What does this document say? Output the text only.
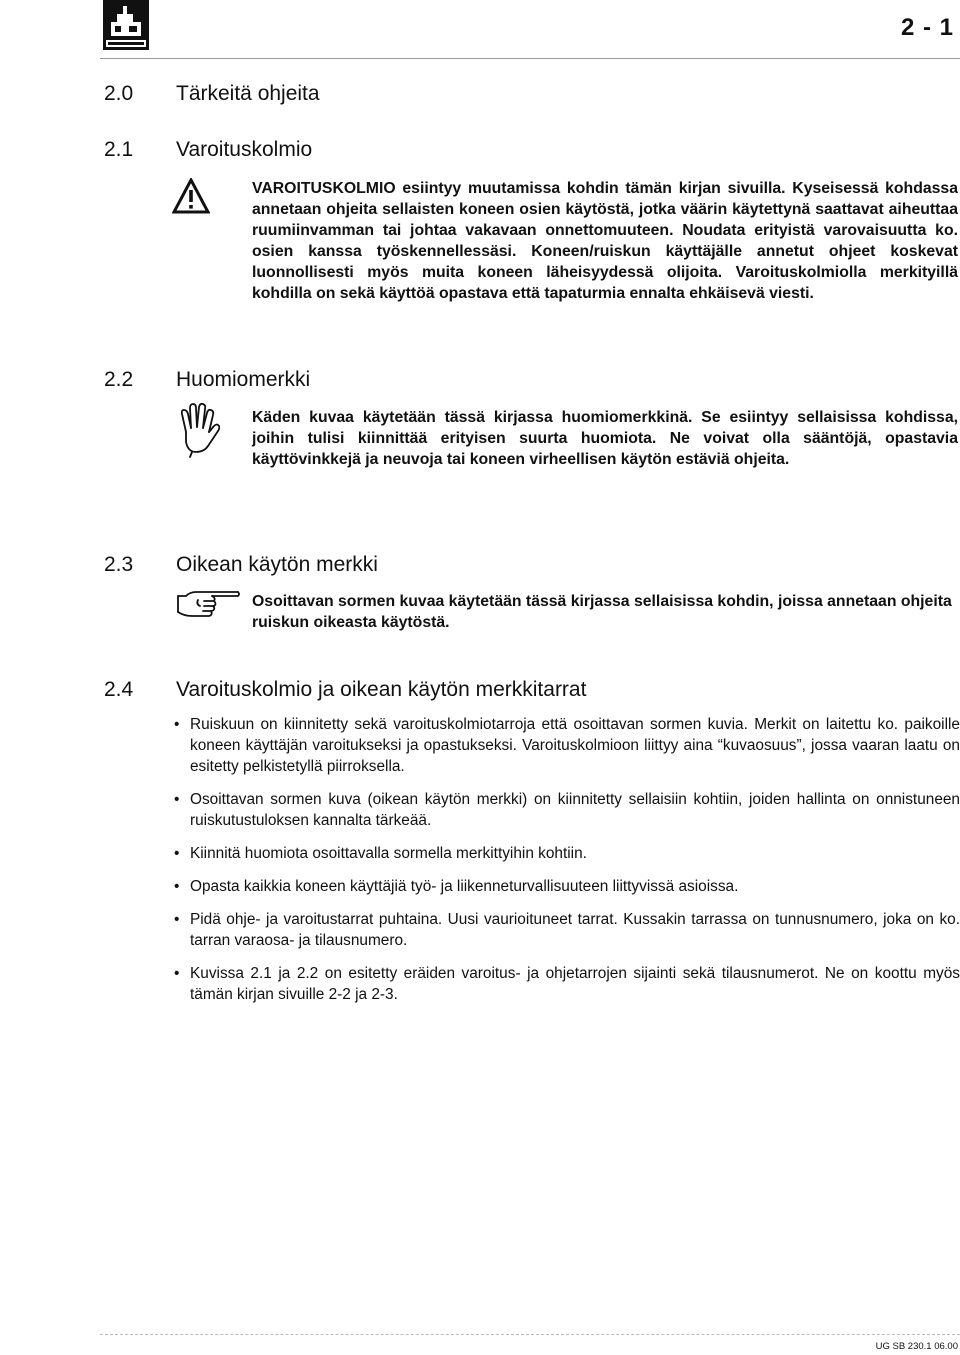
2 - 1
2.0 Tärkeitä ohjeita
2.1 Varoituskolmio
VAROITUSKOLMIO esiintyy muutamissa kohdin tämän kirjan sivuilla. Kyseisessä kohdassa annetaan ohjeita sellaisten koneen osien käytöstä, jotka väärin käytettynä saattavat aiheuttaa ruumiinvamman tai johtaa vakavaan onnettomuuteen. Noudata erityistä varovaisuutta ko. osien kanssa työskennellessäsi. Koneen/ruiskun käyttäjälle annetut ohjeet koskevat luonnollisesti myös muita koneen läheisyydessä olijoita. Varoituskolmiolla merkityillä kohdilla on sekä käyttöä opastava että tapaturmia ennalta ehkäisevä viesti.
2.2 Huomiomerkki
Käden kuvaa käytetään tässä kirjassa huomiomerkkinä. Se esiintyy sellaisissa kohdissa, joihin tulisi kiinnittää erityisen suurta huomiota. Ne voivat olla sääntöjä, opastavia käyttövinkkejä ja neuvoja tai koneen virheellisen käytön estäviä ohjeita.
2.3 Oikean käytön merkki
Osoittavan sormen kuvaa käytetään tässä kirjassa sellaisissa kohdin, joissa annetaan ohjeita ruiskun oikeasta käytöstä.
2.4 Varoituskolmio ja oikean käytön merkkitarrat
• Ruiskuun on kiinnitetty sekä varoituskolmiotarroja että osoittavan sormen kuvia. Merkit on laitettu ko. paikoille koneen käyttäjän varoitukseksi ja opastukseksi. Varoituskolmioon liittyy aina “kuvaosuus”, jossa vaaran laatu on esitetty pelkistetyllä piirroksella.
• Osoittavan sormen kuva (oikean käytön merkki) on kiinnitetty sellaisiin kohtiin, joiden hallinta on onnistuneen ruiskutustuloksen kannalta tärkeää.
• Kiinnitä huomiota osoittavalla sormella merkittyihin kohtiin.
• Opasta kaikkia koneen käyttäjiä työ- ja liikenneturvallisuuteen liittyvissä asioissa.
• Pidä ohje- ja varoitustarrat puhtaina. Uusi vaurioituneet tarrat. Kussakin tarrassa on tunnusnumero, joka on ko. tarran varaosa- ja tilausnumero.
• Kuvissa 2.1 ja 2.2 on esitetty eräiden varoitus- ja ohjetarrojen sijainti sekä tilausnumerot. Ne on koottu myös tämän kirjan sivuille 2-2 ja 2-3.
UG SB 230.1 06.00
